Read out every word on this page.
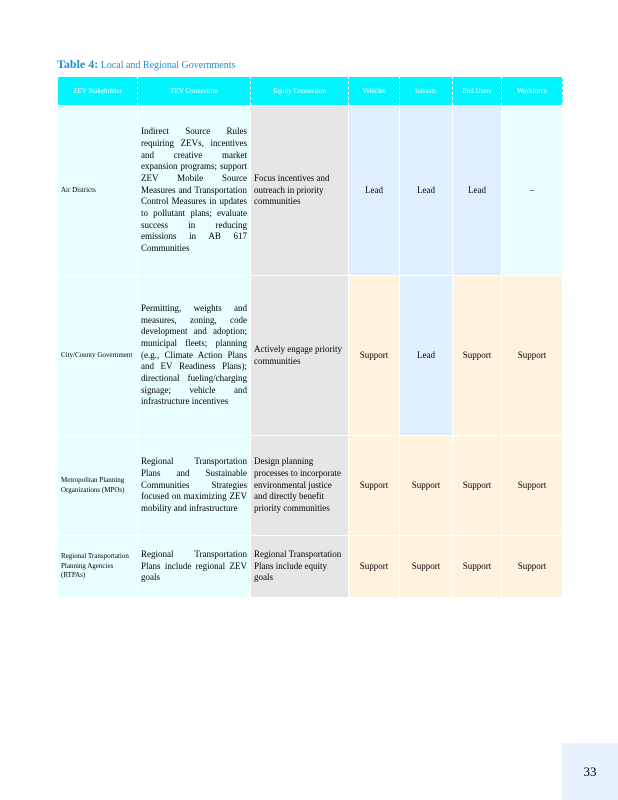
Table 4: Local and Regional Governments
ZEV Stakeholder	ZEV Connection	Equity Connection	Vehicles	Infrastr.	End Users	Workforce
Air Districts	Indirect Source Rules requiring ZEVs, incentives and creative market expansion programs; support ZEV Mobile Source Measures and Transportation Control Measures in updates to pollutant plans; evaluate success in reducing emissions in AB 617 Communities	Focus incentives and outreach in priority communities	Lead	Lead	Lead	–
City/County Government	Permitting, weights and measures, zoning, code development and adoption; municipal fleets; planning (e.g., Climate Action Plans and EV Readiness Plans); directional fueling/charging signage; vehicle and infrastructure incentives	Actively engage priority communities	Support	Lead	Support	Support
Metropolitan Planning Organizations (MPOs)	Regional Transportation Plans and Sustainable Communities Strategies focused on maximizing ZEV mobility and infrastructure	Design planning processes to incorporate environmental justice and directly benefit priority communities	Support	Support	Support	Support
Regional Transportation Planning Agencies (RTPAs)	Regional Transportation Plans include regional ZEV goals	Regional Transportation Plans include equity goals	Support	Support	Support	Support
33
